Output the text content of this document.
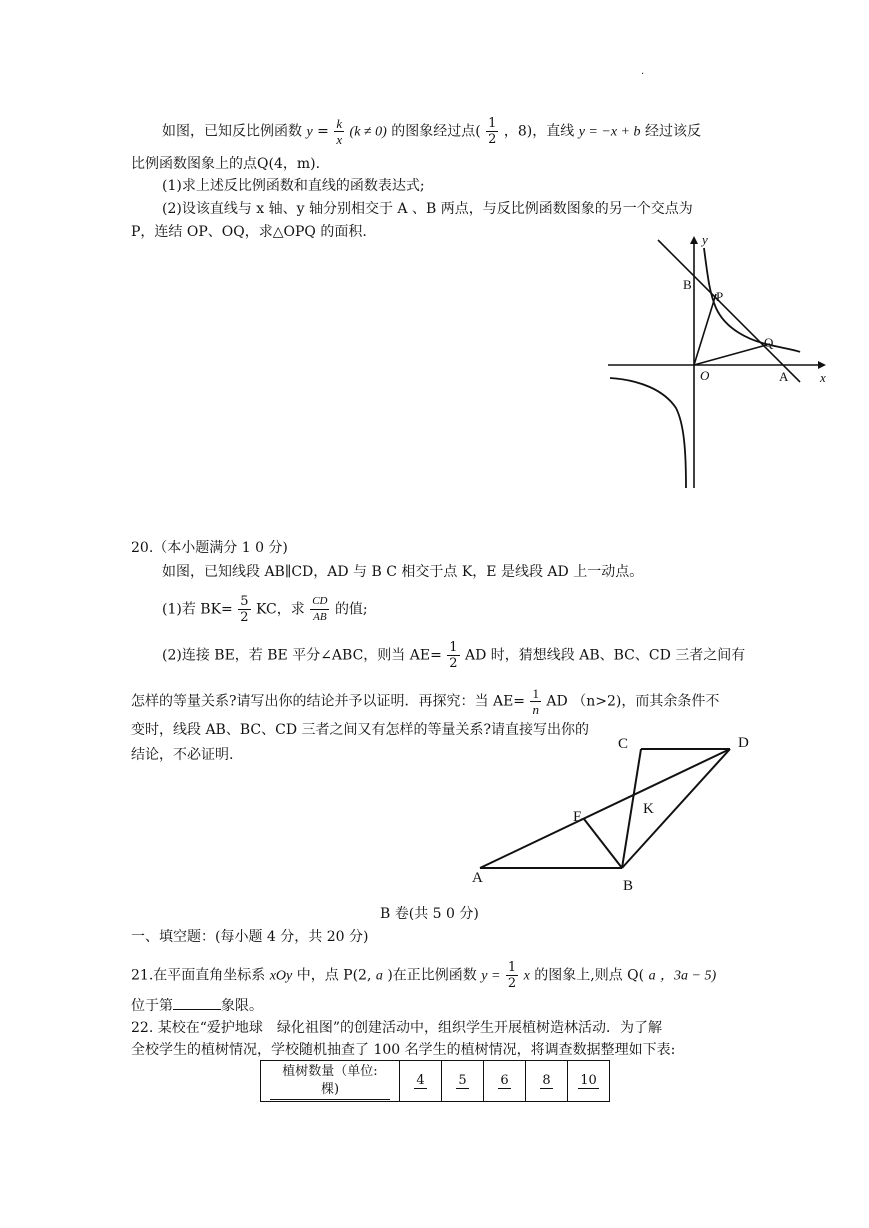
.
如图，已知反比例函数 $y = \frac{k}{x} (k \ne 0)$ 的图象经过点( $\frac{1}{2}$ ，8)，直线 y = −x + b 经过该反
比例函数图象上的点Q(4，m).
(1)求上述反比例函数和直线的函数表达式;
(2)设该直线与 x 轴、y 轴分别相交于 A 、B 两点，与反比例函数图象的另一个交点为
P，连结 OP、OQ，求△OPQ 的面积.	y
x
B
P
Q
O	A
20.（本小题满分 1 0 分)
如图，已知线段 AB∥CD，AD 与 B C 相交于点 K，E 是线段 AD 上一动点。
(1)若 $BK= \frac{5}{2}$ KC，求 $\frac{CD}{AB}$ 的值;
(2)连接 BE，若 BE 平分∠ABC，则当 $AE= \frac{1}{2}$ AD 时，猜想线段 AB、BC、CD 三者之间有
怎样的等量关系?请写出你的结论并予以证明．再探究：当 $AE= \frac{1}{n}$ AD （n>2)，而其余条件不
变时，线段 AB、BC、CD 三者之间又有怎样的等量关系?请直接写出你的
结论，不必证明.
C	D
E	K
A	B
B 卷(共 5 0 分)
一、填空题：(每小题 4 分，共 20 分)
21.在平面直角坐标系 xOy 中，点 P(2, a )在正比例函数 $y = \frac{1}{2}$ x 的图象上,则点 Q( a ，3a − 5)
位于第	象限。
22. 某校在“爱护地球　绿化祖图”的创建活动中，组织学生开展植树造林活动．为了解
全校学生的植树情况，学校随机抽查了 100 名学生的植树情况，将调查数据整理如下表:
植树数量（单位:
棵)
	4	5	6	8	10
